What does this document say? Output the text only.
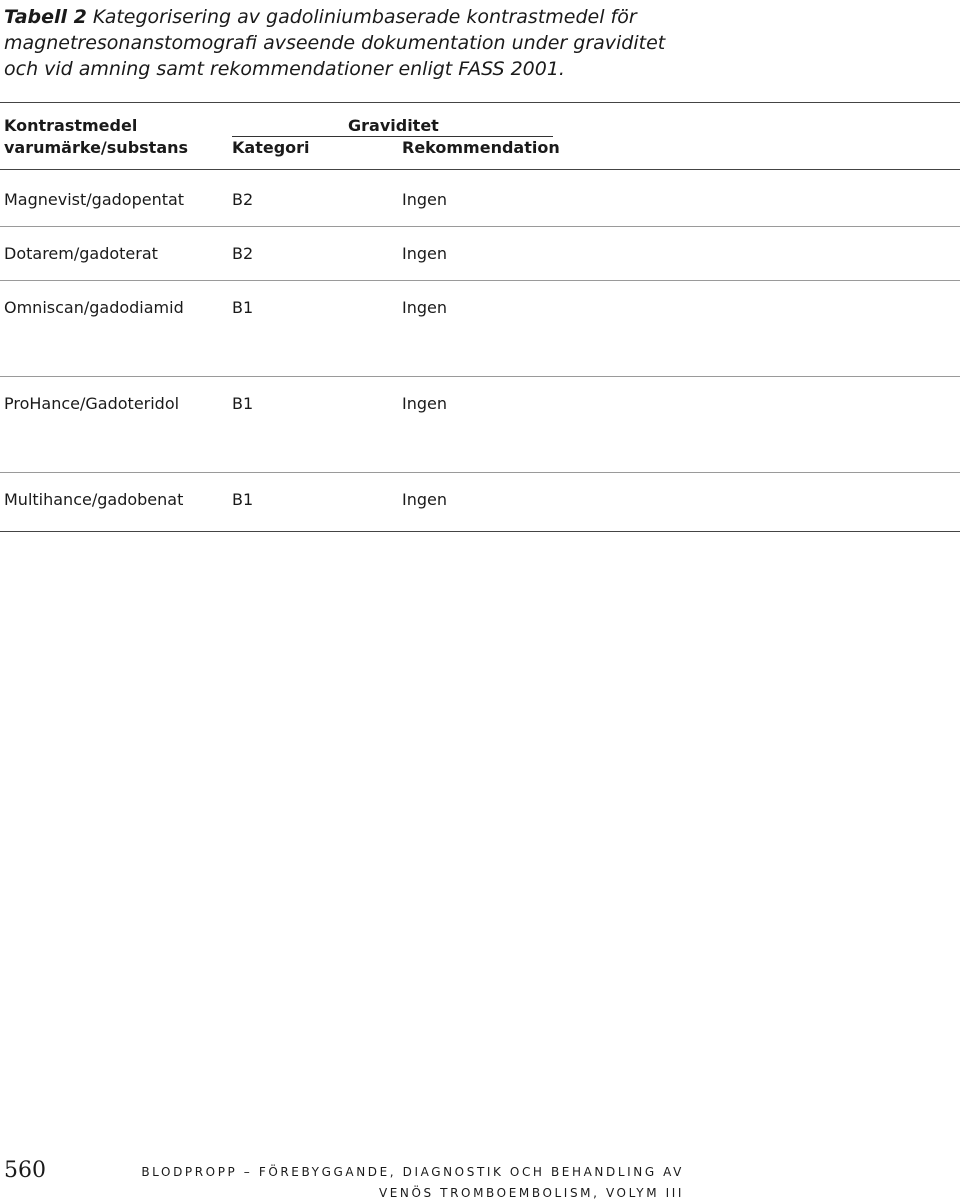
Tabell 2 Kategorisering av gadoliniumbaserade kontrastmedel för magnetresonanstomografi avseende dokumentation under graviditet och vid amning samt rekommendationer enligt FASS 2001.
Kontrastmedel	Graviditet
varumärke/substans	Kategori	Rekommendation
Magnevist/gadopentat	B2	Ingen
Dotarem/gadoterat	B2	Ingen
Omniscan/gadodiamid	B1	Ingen
ProHance/Gadoteridol	B1	Ingen
Multihance/gadobenat	B1	Ingen
560	BLODPROPP – FÖREBYGGANDE, DIAGNOSTIK OCH BEHANDLING AV
VENÖS TROMBOEMBOLISM, VOLYM III
